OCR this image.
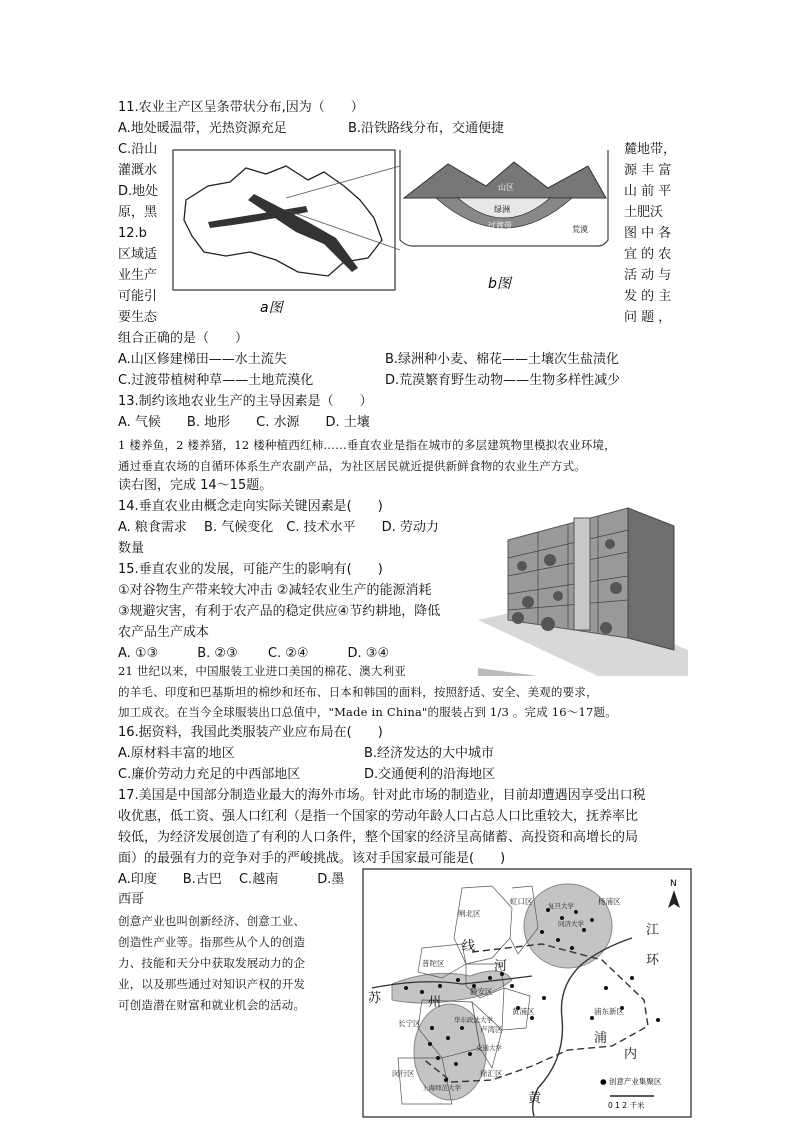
11.农业主产区呈条带状分布,因为（　　）
A.地处暖温带，光热资源充足	B.沿铁路线分布，交通便捷
C.沿山
灌溉水
D.地处
原，黑
12.b
区域适
业生产
可能引
要生态
麓地带，
源 丰 富
山 前 平
土肥沃
图 中 各
宜 的 农
活 动 与
发 的 主
问 题 ，
a图
山区
绿洲
过渡带	荒漠
b图
组合正确的是（　　）
A.山区修建梯田——水土流失	B.绿洲种小麦、棉花——土壤次生盐渍化
C.过渡带植树种草——土地荒漠化	D.荒漠繁育野生动物——生物多样性减少
13.制约该地农业生产的主导因素是（　　）
A. 气候　　B. 地形　　C. 水源　　D. 土壤
1 楼养鱼，2 楼养猪，12 楼种植西红柿……垂直农业是指在城市的多层建筑物里模拟农业环境，
通过垂直农场的自循环体系生产农副产品，为社区居民就近提供新鲜食物的农业生产方式。
读右图，完成 14～15题。
14.垂直农业由概念走向实际关键因素是(　　)
A. 粮食需求　 B. 气候变化　C. 技术水平　　D. 劳动力
数量
15.垂直农业的发展，可能产生的影响有(　　)
①对谷物生产带来较大冲击 ②减轻农业生产的能源消耗
③规避灾害，有利于农产品的稳定供应④节约耕地，降低
农产品生产成本
A. ①③　　　B. ②③　　 C. ②④　　　D. ③④
21 世纪以来，中国服装工业进口美国的棉花、澳大利亚
的羊毛、印度和巴基斯坦的棉纱和坯布、日本和韩国的面料，按照舒适、安全、美观的要求，
加工成衣。在当今全球服装出口总值中，"Made in China"的服装占到 1/3 。完成 16～17题。
16.据资料，我国此类服装产业应布局在(　　)
A.原材料丰富的地区	B.经济发达的大中城市
C.廉价劳动力充足的中西部地区	D.交通便利的沿海地区
17.美国是中国部分制造业最大的海外市场。针对此市场的制造业，目前却遭遇因享受出口税
收优惠，低工资、强人口红利（是指一个国家的劳动年龄人口占总人口比重较大，抚养率比
较低，为经济发展创造了有利的人口条件，整个国家的经济呈高储蓄、高投资和高增长的局
面）的最强有力的竞争对手的严峻挑战。该对手国家最可能是(　　)
A.印度　　B.古巴　 C.越南　　　D.墨
西哥
创意产业也叫创新经济、创意工业、
创造性产业等。指那些从个人的创造
力、技能和天分中获取发展动力的企
业，以及那些通过对知识产权的开发
可创造潜在财富和就业机会的活动。
N
闸北区
虹口区	杨浦区
普陀区
静安区
黄浦区
长宁区
卢湾区
徐汇区
闵行区
浦东新区
复旦大学
同济大学
华东政法大学
交通大学
上海师范大学
苏	州
河
线
江
环
浦
内
黄
● 创意产业集聚区
0 1 2 千米
